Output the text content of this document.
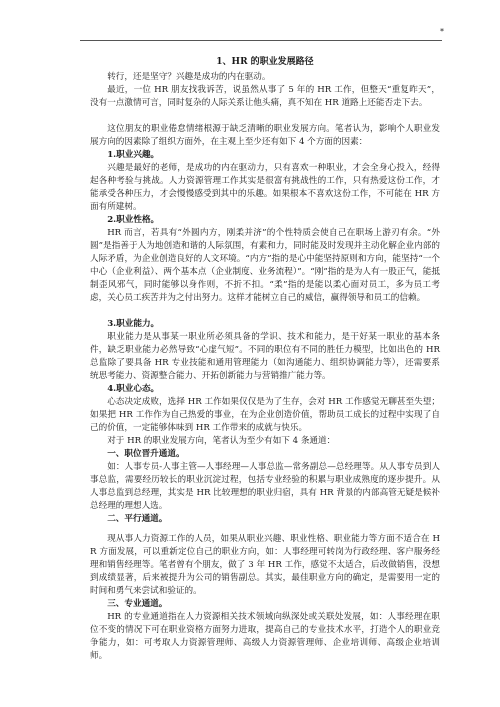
*
1、HR 的职业发展路径

转行，还是坚守？兴趣是成功的内在驱动。

最近，一位 HR 朋友找我诉苦，说虽然从事了 5 年的 HR 工作，但整天“重复昨天”，没有一点激情可言，同时复杂的人际关系让他头痛，真不知在 HR 道路上还能否走下去。

这位朋友的职业倦怠情绪根源于缺乏清晰的职业发展方向。笔者认为，影响个人职业发展方向的因素除了组织方面外，在主观上至少还有如下 4 个方面的因素：

1.职业兴趣。

兴趣是最好的老师，是成功的内在驱动力，只有喜欢一种职业，才会全身心投入，经得起各种考验与挑战。人力资源管理工作其实是很富有挑战性的工作，只有热爱这份工作，才能承受各种压力，才会慢慢感受到其中的乐趣。如果根本不喜欢这份工作，不可能在 HR 方面有所建树。

2.职业性格。

HR 而言，若具有“外圆内方，刚柔并济”的个性特质会使自己在职场上游刃有余。“外圆”是指善于人为地创造和谐的人际氛围，有素和力，同时能及时发现并主动化解企业内部的人际矛盾，为企业创造良好的人文环境。“内方”指的是心中能坚持原则和方向，能坚持“一个中心（企业利益）、两个基本点（企业制度、业务流程）”。“刚”指的是为人有一股正气，能抵制歪风邪气，同时能够以身作则，不折不扣。“柔”指的是能以柔心面对员工，多为员工考虑，关心员工疾苦并为之付出努力。这样才能树立自己的威信，赢得领导和员工的信赖。

3.职业能力。

职业能力是从事某一职业所必须具备的学识、技术和能力，是干好某一职业的基本条件，缺乏职业能力必然导致“心虚气短”。不同的职位有不同的胜任力模型，比如出色的 HR 总监除了要具备 HR 专业技能和通用管理能力（如沟通能力、组织协调能力等），还需要系统思考能力、资源整合能力、开拓创新能力与营销推广能力等。

4.职业心态。

心态决定成败，选择 HR 工作如果仅仅是为了生存，会对 HR 工作感觉无聊甚至失望；如果把 HR 工作作为自己热爱的事业，在为企业创造价值，帮助员工成长的过程中实现了自己的价值，一定能够体味到 HR 工作带来的成就与快乐。

对于 HR 的职业发展方向，笔者认为至少有如下 4 条通道：

一、职位晋升通道。

如：人事专员-人事主管—人事经理—人事总监—常务副总—总经理等。从人事专员到人事总监，需要经历较长的职业沉淀过程，包括专业经验的积累与职业成熟度的逐步提升。从人事总监到总经理，其实是 HR 比较理想的职业归宿，具有 HR 背景的内部高管无疑是候补总经理的理想人选。

二、平行通道。

现从事人力资源工作的人员，如果从职业兴趣、职业性格、职业能力等方面不适合在 HR 方面发展，可以重新定位自己的职业方向，如：人事经理可转岗为行政经理、客户服务经理和销售经理等。笔者曾有个朋友，做了 3 年 HR 工作，感觉不太适合，后改做销售，没想到成绩显著，后来被提升为公司的销售副总。其实，最佳职业方向的确定，是需要用一定的时间和勇气来尝试和验证的。

三、专业通道。

HR 的专业通道指在人力资源相关技术领域向纵深处或关联处发展，如：人事经理在职位不变的情况下可在职业资格方面努力进取，提高自己的专业技术水平，打造个人的职业竞争能力，如：可考取人力资源管理师、高级人力资源管理师、企业培训师、高级企业培训师。
